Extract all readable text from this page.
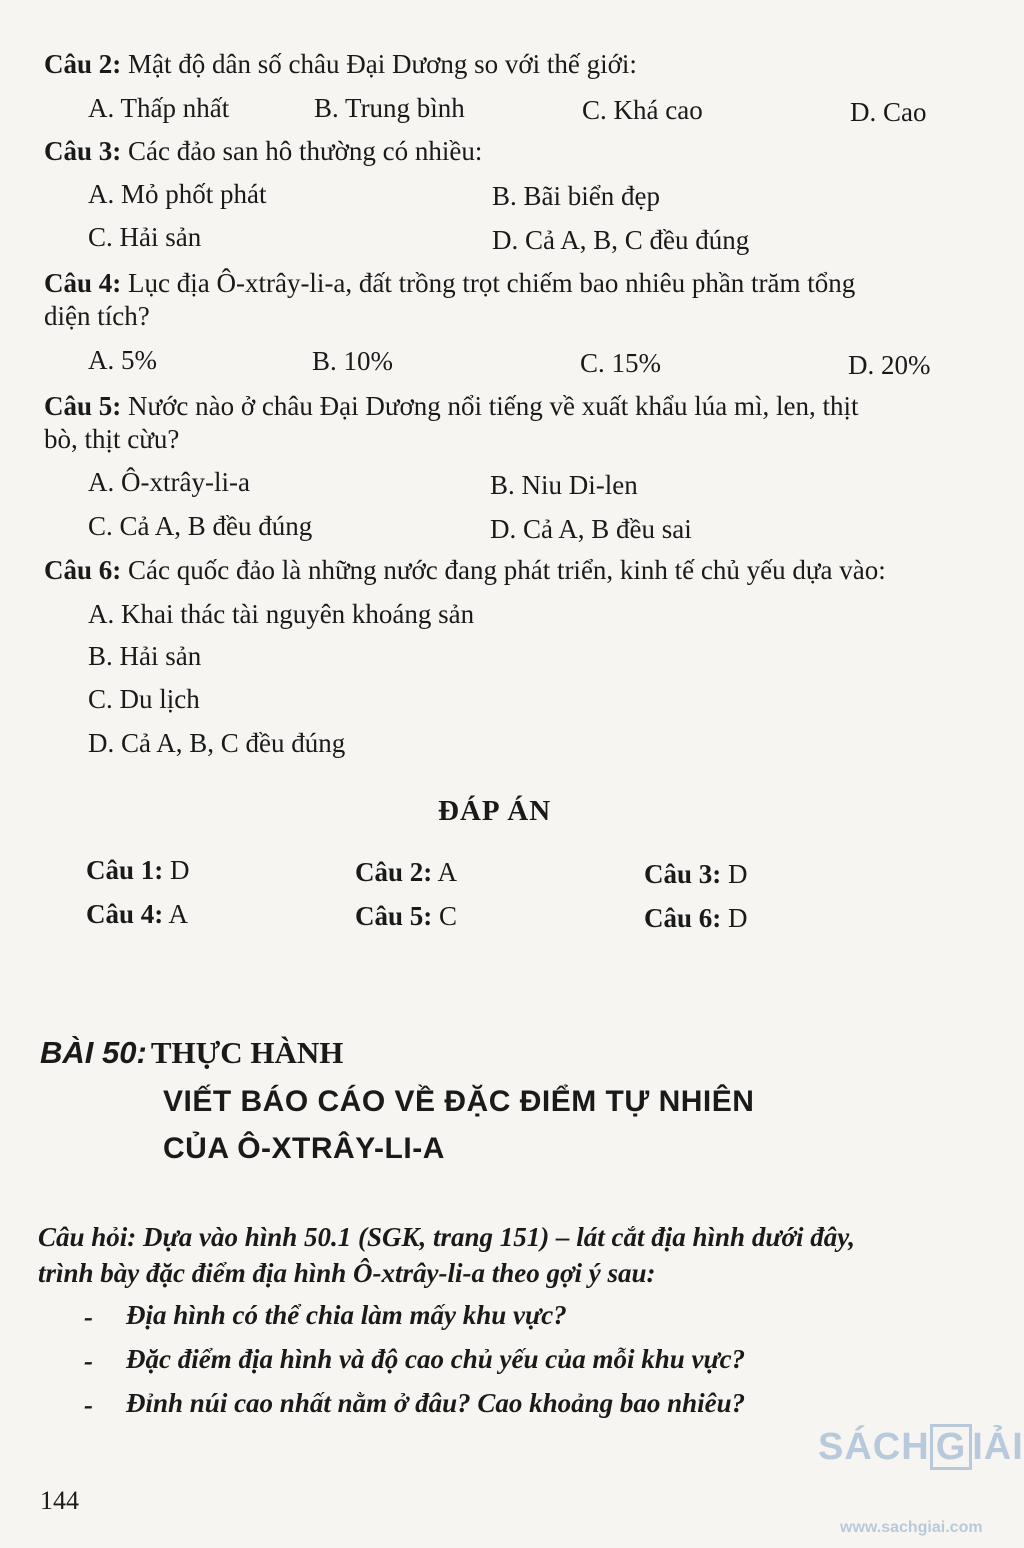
Câu 2: Mật độ dân số châu Đại Dương so với thế giới:
A. Thấp nhất	B. Trung bình	C. Khá cao	D. Cao
Câu 3: Các đảo san hô thường có nhiều:
A. Mỏ phốt phát	B. Bãi biển đẹp
C. Hải sản	D. Cả A, B, C đều đúng
Câu 4: Lục địa Ô-xtrây-li-a, đất trồng trọt chiếm bao nhiêu phần trăm tổng
diện tích?
A. 5%	B. 10%	C. 15%	D. 20%
Câu 5: Nước nào ở châu Đại Dương nổi tiếng về xuất khẩu lúa mì, len, thịt
bò, thịt cừu?
A. Ô-xtrây-li-a	B. Niu Di-len
C. Cả A, B đều đúng	D. Cả A, B đều sai
Câu 6: Các quốc đảo là những nước đang phát triển, kinh tế chủ yếu dựa vào:
A. Khai thác tài nguyên khoáng sản
B. Hải sản
C. Du lịch
D. Cả A, B, C đều đúng
ĐÁP ÁN
Câu 1: D	Câu 2: A	Câu 3: D
Câu 4: A	Câu 5: C	Câu 6: D
BÀI 50: THỰC HÀNH
VIẾT BÁO CÁO VỀ ĐẶC ĐIỂM TỰ NHIÊN
CỦA Ô-XTRÂY-LI-A
Câu hỏi: Dựa vào hình 50.1 (SGK, trang 151) – lát cắt địa hình dưới đây,
trình bày đặc điểm địa hình Ô-xtrây-li-a theo gợi ý sau:
- Địa hình có thể chia làm mấy khu vực?
- Đặc điểm địa hình và độ cao chủ yếu của mỗi khu vực?
- Đỉnh núi cao nhất nằm ở đâu? Cao khoảng bao nhiêu?
144
SÁCH G IẢI
www.sachgiai.com
